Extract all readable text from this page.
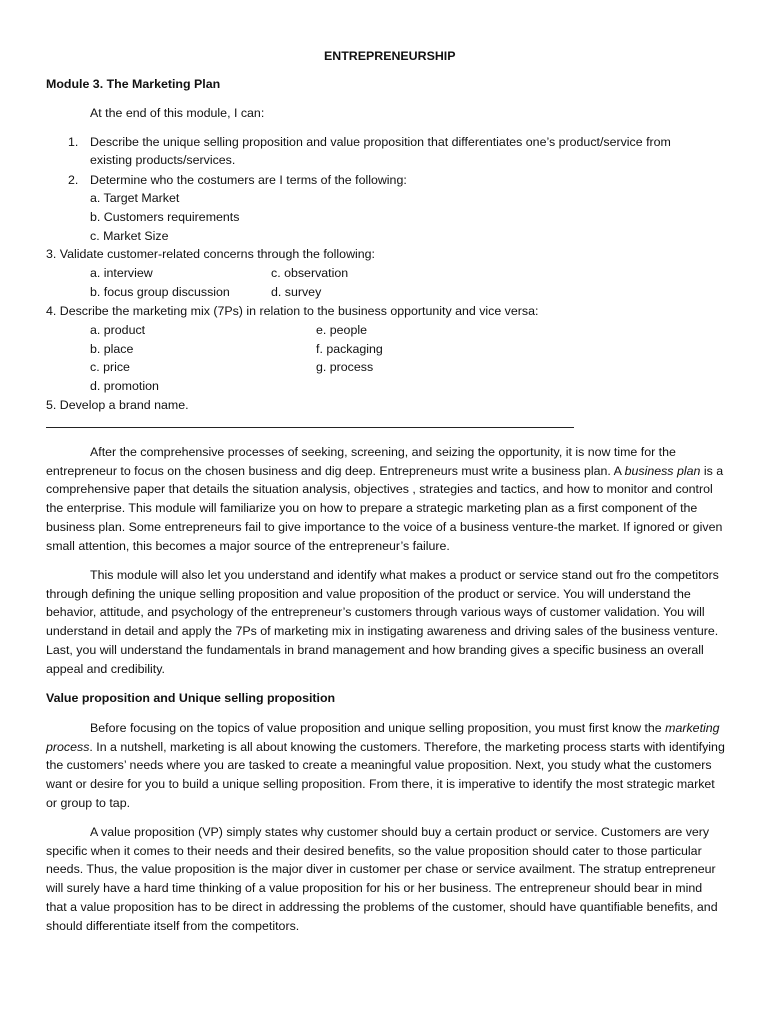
ENTREPRENEURSHIP
Module 3. The Marketing Plan
At the end of this module, I can:
1. Describe the unique selling proposition and value proposition that differentiates one’s product/service from
existing products/services.
2. Determine who the costumers are I terms of the following:
a. Target Market
b. Customers requirements
c. Market Size
3. Validate customer-related concerns through the following:
a. interview	c. observation
b. focus group discussion	d. survey
4. Describe the marketing mix (7Ps) in relation to the business opportunity and vice versa:
a. product	e. people
b. place	f. packaging
c. price	g. process
d. promotion
5. Develop a brand name.
After the comprehensive processes of seeking, screening, and seizing the opportunity, it is now time for the entrepreneur to focus on the chosen business and dig deep. Entrepreneurs must write a business plan. A business plan is a comprehensive paper that details the situation analysis, objectives , strategies and tactics, and how to monitor and control the enterprise. This module will familiarize you on how to prepare a strategic marketing plan as a first component of the business plan. Some entrepreneurs fail to give importance to the voice of a business venture-the market. If ignored or given small attention, this becomes a major source of the entrepreneur’s failure.
This module will also let you understand and identify what makes a product or service stand out fro the competitors through defining the unique selling proposition and value proposition of the product or service. You will understand the behavior, attitude, and psychology of the entrepreneur’s customers through various ways of customer validation. You will understand in detail and apply the 7Ps of marketing mix in instigating awareness and driving sales of the business venture. Last, you will understand the fundamentals in brand management and how branding gives a specific business an overall appeal and credibility.
Value proposition and Unique selling proposition
Before focusing on the topics of value proposition and unique selling proposition, you must first know the marketing process. In a nutshell, marketing is all about knowing the customers. Therefore, the marketing process starts with identifying the customers’ needs where you are tasked to create a meaningful value proposition. Next, you study what the customers want or desire for you to build a unique selling proposition. From there, it is imperative to identify the most strategic market or group to tap.
A value proposition (VP) simply states why customer should buy a certain product or service. Customers are very specific when it comes to their needs and their desired benefits, so the value proposition should cater to those particular needs. Thus, the value proposition is the major diver in customer per chase or service availment. The stratup entrepreneur will surely have a hard time thinking of a value proposition for his or her business. The entrepreneur should bear in mind that a value proposition has to be direct in addressing the problems of the customer, should have quantifiable benefits, and should differentiate itself from the competitors.
